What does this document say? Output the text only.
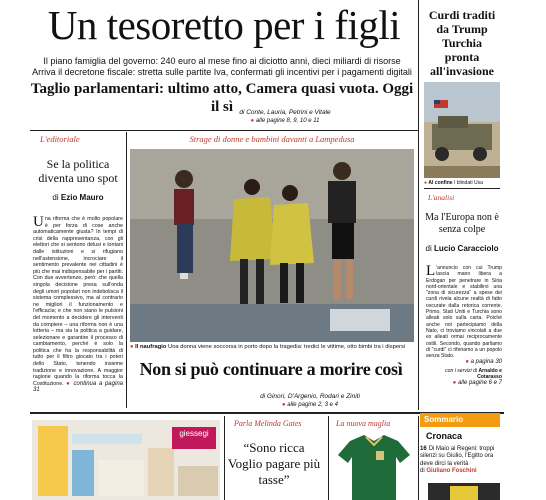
Un tesoretto per i figli
Il piano famiglia del governo: 240 euro al mese fino ai diciotto anni, dieci miliardi di risorse
Arriva il decretone fiscale: stretta sulle partite Iva, confermati gli incentivi per i pagamenti digitali
Taglio parlamentari: ultimo atto, Camera quasi vuota. Oggi il sì di Conte, Lauria, Petrini e Vitale
● alle pagine 8, 9, 10 e 11
L'editoriale
Se la politica diventa uno spot
di Ezio Mauro
Una riforma che è molto popolare è per forza di cose anche automaticamente giusta? In tempi di crisi della rappresentanza, con gli elettori che si sentono delusi e lontani dalle istituzioni e si rifugiano nell'astensione, incrociare il sentimento prevalente nei cittadini è più che mai indispensabile per i partiti. Con due avvertenze, però: che quella singola decisione presa sull'onda degli umori popolari non indebolisca il sistema complessivo, ma al contrario ne migliori il funzionamento e l'efficacia; e che non siano le pulsioni del momento a decidere gli interventi da compiere – una riforma non è una lotteria – ma sia la politica a guidare, selezionare e garantire il processo di cambiamento, perché è solo la politica che ha la responsabilità di tutto per il filtro giocato tra i poteri dello Stato, tenendo insieme tradizione e innovazione. A maggior ragione quando la riforma tocca la Costituzione. ● continua a pagina 31
Strage di donne e bambini davanti a Lampedusa
● Il naufragio Una donna viene soccorsa in porto dopo la tragedia: tredici le vittime, otto bimbi tra i dispersi
Non si può continuare a morire così
di Ginori, D'Argenio, Rodari e Ziniti
● alle pagine 2, 3 e 4
Curdi traditi da Trump Turchia pronta all'invasione
● Al confine I blindati Usa
L'analisi
Ma l'Europa non è senza colpe
di Lucio Caracciolo
L 'annuncio con cui Trump lascia mano libera a Erdogan per penetrare in Siria nord-orientale e stabilirvi una "zona di sicurezza" a spese dei curdi rivela alcune realtà di fatto oscurate dalla retorica corrente. Primo, Stati Uniti e Turchia sono alleati solo sulla carta. Poiché anche noi partecipiamo della Nato, ci troviamo vincolati a due ex alleati ormai reciprocamente ostili. Secondo, quando parliamo di "curdi" ci riferiamo a un popolo senza Stato.
● a pagina 30
con i servizi di Arnaldo e Cotarasso
● alle pagine 6 e 7
giessegi
Parla Melinda Gates
“Sono ricca Voglio pagare più tasse”
La nuova maglia	Sommario
Cronaca
16 Di Maio ai Regeni: troppi silenzi su Giulio, l'Egitto ora deve dirci la verità
di Giuliano Foschini
